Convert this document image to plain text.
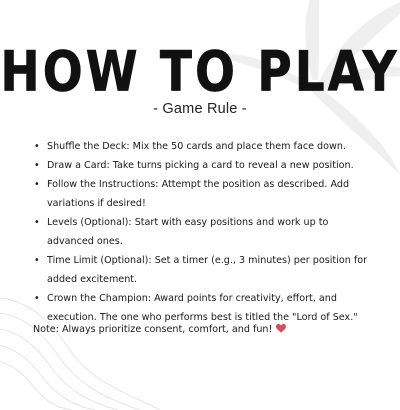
HOW TO PLAY
- Game Rule -
• Shuffle the Deck: Mix the 50 cards and place them face down.
• Draw a Card: Take turns picking a card to reveal a new position.
• Follow the Instructions: Attempt the position as described. Add variations if desired!
• Levels (Optional): Start with easy positions and work up to advanced ones.
• Time Limit (Optional): Set a timer (e.g., 3 minutes) per position for added excitement.
• Crown the Champion: Award points for creativity, effort, and execution. The one who performs best is titled the "Lord of Sex."
Note: Always prioritize consent, comfort, and fun!
